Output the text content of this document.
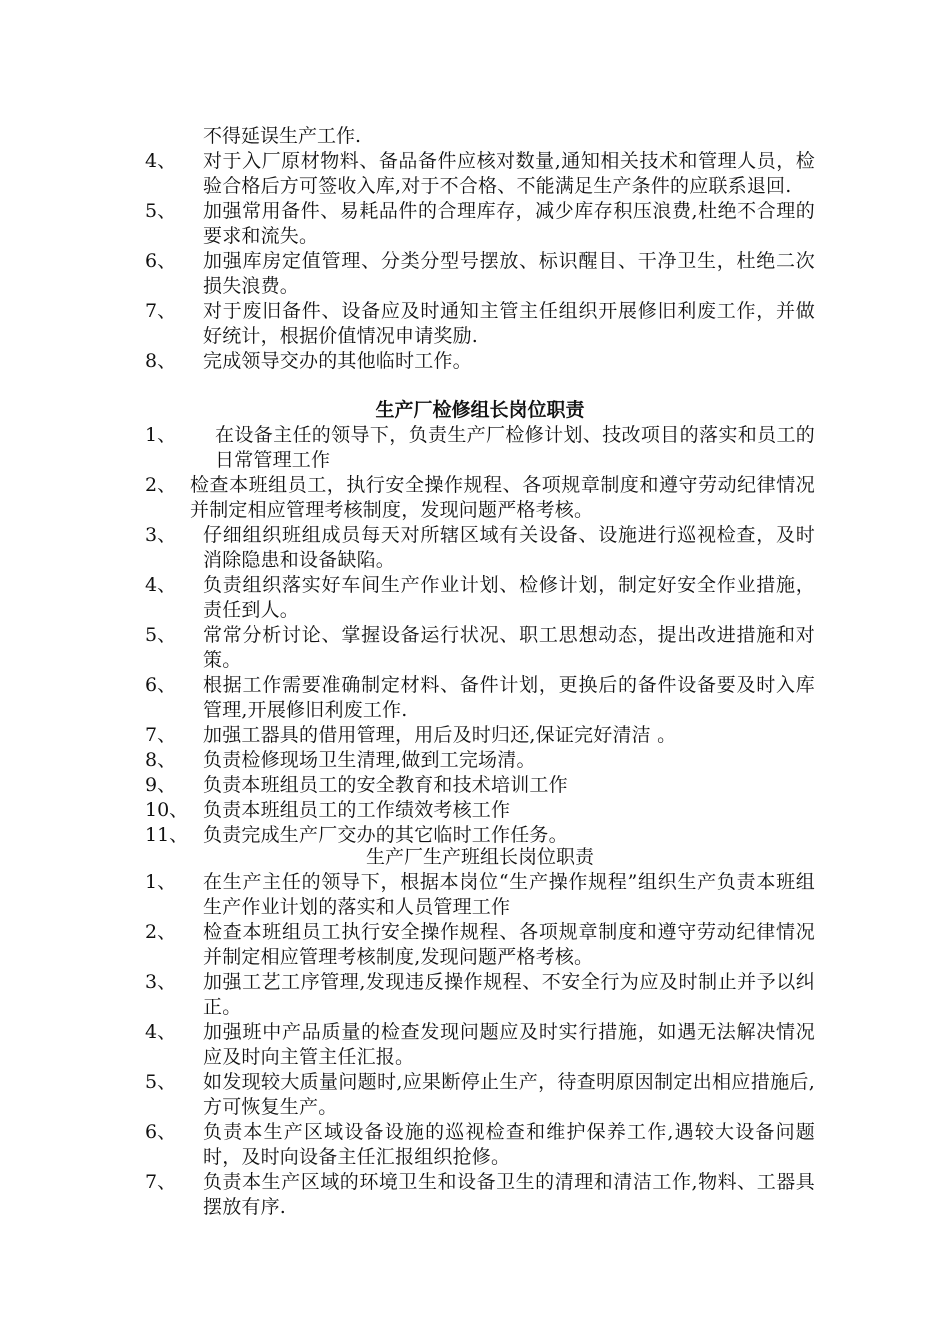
不得延误生产工作.
4、	对于入厂原材物料、备品备件应核对数量,通知相关技术和管理人员，检验合格后方可签收入库,对于不合格、不能满足生产条件的应联系退回.
5、	加强常用备件、易耗品件的合理库存，减少库存积压浪费,杜绝不合理的要求和流失。
6、	加强库房定值管理、分类分型号摆放、标识醒目、干净卫生，杜绝二次损失浪费。
7、	对于废旧备件、设备应及时通知主管主任组织开展修旧利废工作，并做好统计，根据价值情况申请奖励.
8、	完成领导交办的其他临时工作。
生产厂检修组长岗位职责
1、	在设备主任的领导下，负责生产厂检修计划、技改项目的落实和员工的日常管理工作
2、 检查本班组员工，执行安全操作规程、各项规章制度和遵守劳动纪律情况并制定相应管理考核制度，发现问题严格考核。
3、	仔细组织班组成员每天对所辖区域有关设备、设施进行巡视检查，及时消除隐患和设备缺陷。
4、	负责组织落实好车间生产作业计划、检修计划，制定好安全作业措施，责任到人。
5、	常常分析讨论、掌握设备运行状况、职工思想动态，提出改进措施和对策。
6、	根据工作需要准确制定材料、备件计划，更换后的备件设备要及时入库管理,开展修旧利废工作.
7、	加强工器具的借用管理，用后及时归还,保证完好清洁 。
8、	负责检修现场卫生清理,做到工完场清。
9、	负责本班组员工的安全教育和技术培训工作
10、 负责本班组员工的工作绩效考核工作
11、 负责完成生产厂交办的其它临时工作任务。
生产厂生产班组长岗位职责
1、	在生产主任的领导下，根据本岗位“生产操作规程”组织生产负责本班组生产作业计划的落实和人员管理工作
2、	检查本班组员工执行安全操作规程、各项规章制度和遵守劳动纪律情况并制定相应管理考核制度,发现问题严格考核。
3、	加强工艺工序管理,发现违反操作规程、不安全行为应及时制止并予以纠正。
4、	加强班中产品质量的检查发现问题应及时实行措施，如遇无法解决情况应及时向主管主任汇报。
5、	如发现较大质量问题时,应果断停止生产，待查明原因制定出相应措施后,方可恢复生产。
6、	负责本生产区域设备设施的巡视检查和维护保养工作,遇较大设备问题时，及时向设备主任汇报组织抢修。
7、	负责本生产区域的环境卫生和设备卫生的清理和清洁工作,物料、工器具摆放有序.
